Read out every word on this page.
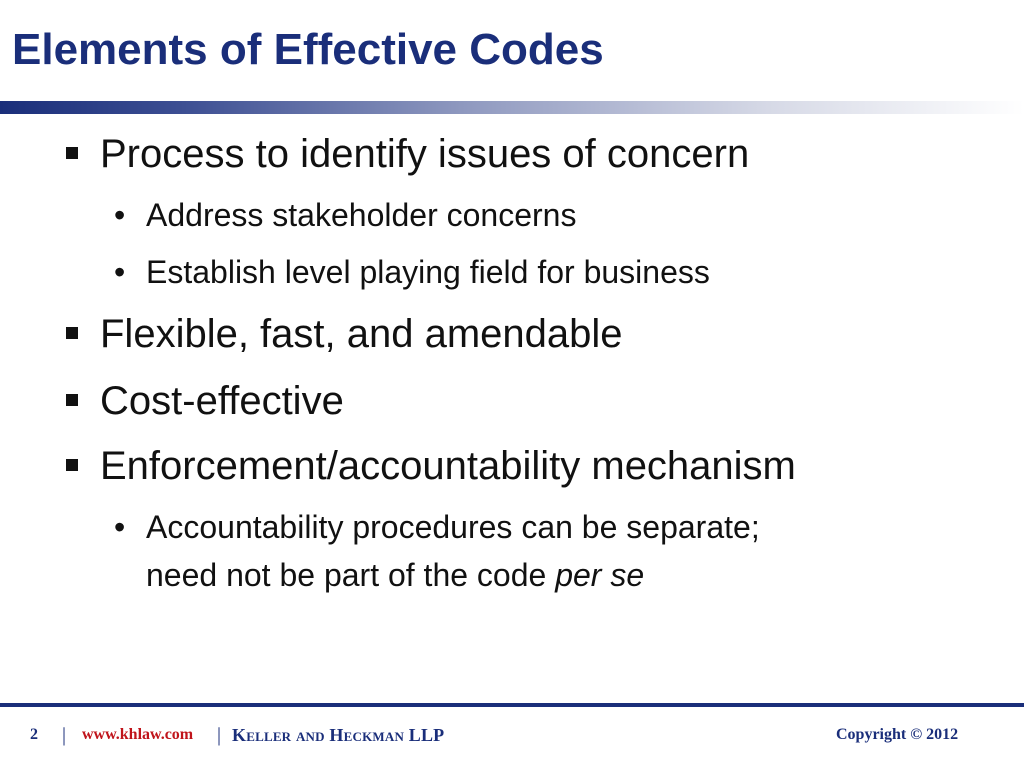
Elements of Effective Codes
Process to identify issues of concern
• Address stakeholder concerns
• Establish level playing field for business
Flexible, fast, and amendable
Cost-effective
Enforcement/accountability mechanism
• Accountability procedures can be separate;
need not be part of the code per se
2 | www.khlaw.com | Keller and Heckman LLP	Copyright © 2012
